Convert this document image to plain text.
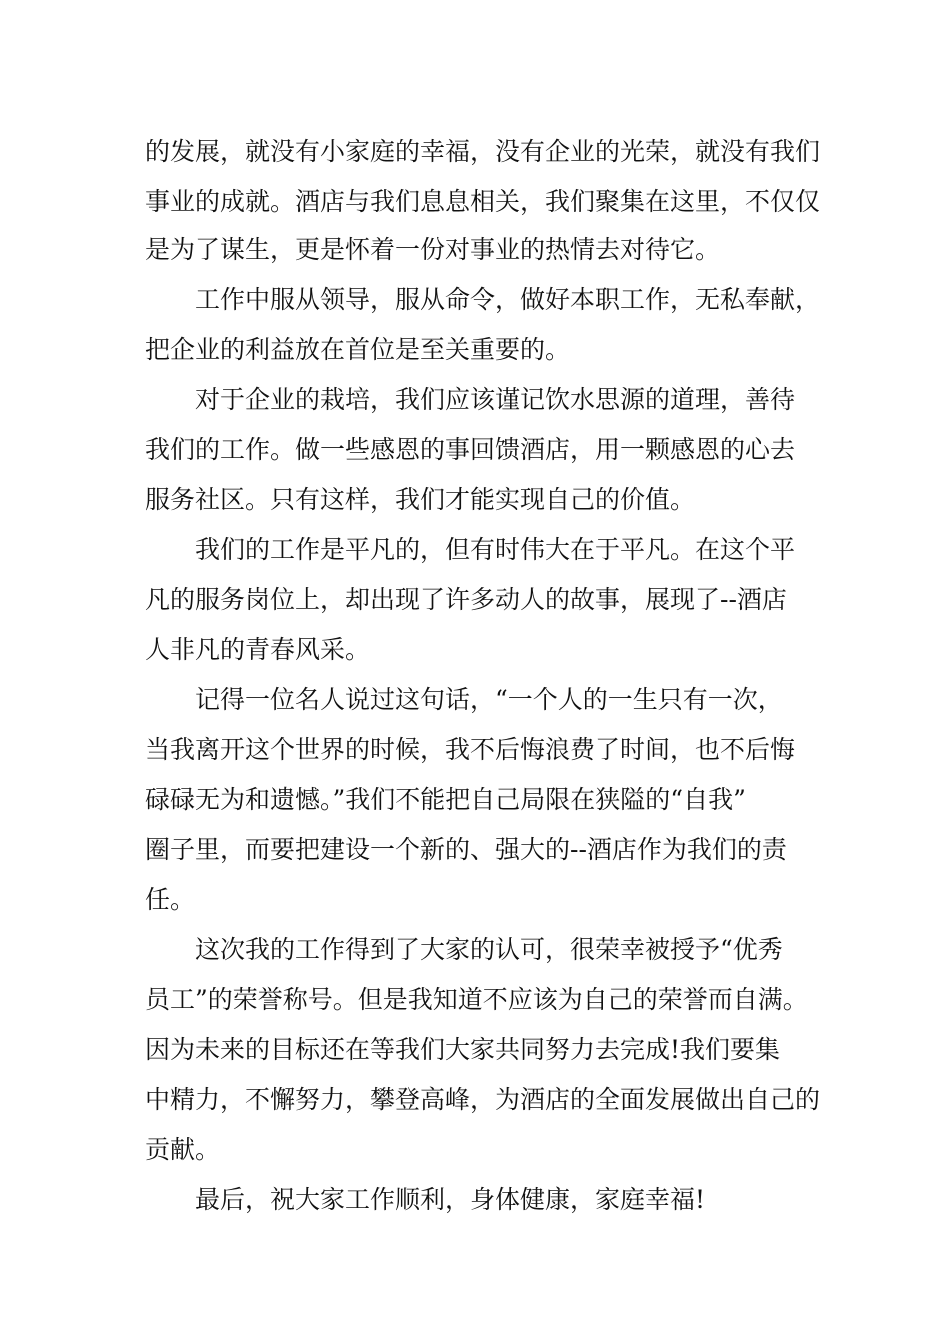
的发展，就没有小家庭的幸福，没有企业的光荣，就没有我们
事业的成就。酒店与我们息息相关，我们聚集在这里，不仅仅
是为了谋生，更是怀着一份对事业的热情去对待它。
工作中服从领导，服从命令，做好本职工作，无私奉献，
把企业的利益放在首位是至关重要的。
对于企业的栽培，我们应该谨记饮水思源的道理，善待
我们的工作。做一些感恩的事回馈酒店，用一颗感恩的心去
服务社区。只有这样，我们才能实现自己的价值。
我们的工作是平凡的，但有时伟大在于平凡。在这个平
凡的服务岗位上，却出现了许多动人的故事，展现了--酒店
人非凡的青春风采。
记得一位名人说过这句话，“一个人的一生只有一次，
当我离开这个世界的时候，我不后悔浪费了时间，也不后悔
碌碌无为和遗憾。”我们不能把自己局限在狭隘的“自我”
圈子里，而要把建设一个新的、强大的--酒店作为我们的责
任。
这次我的工作得到了大家的认可，很荣幸被授予“优秀
员工”的荣誉称号。但是我知道不应该为自己的荣誉而自满。
因为未来的目标还在等我们大家共同努力去完成!我们要集
中精力，不懈努力，攀登高峰，为酒店的全面发展做出自己的
贡献。
最后，祝大家工作顺利，身体健康，家庭幸福!
